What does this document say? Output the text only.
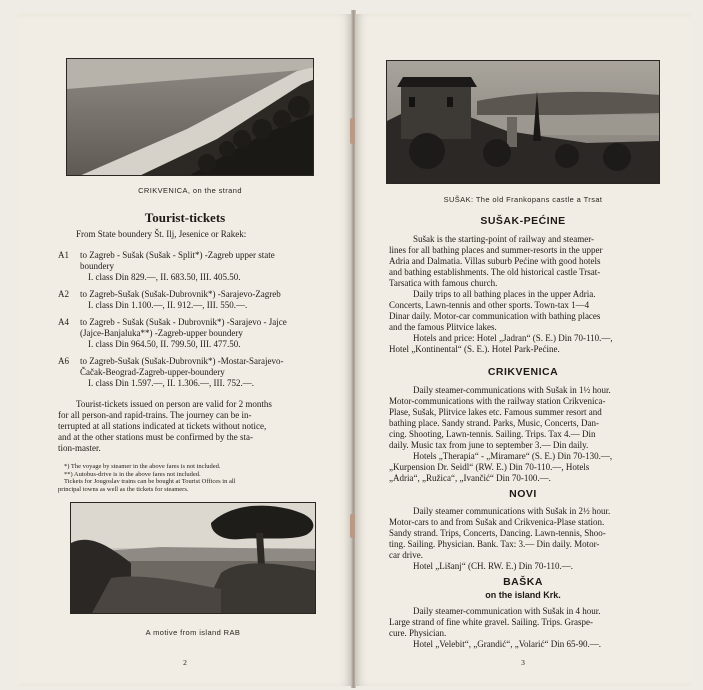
CRIKVENICA, on the strand
Tourist-tickets
From State boundery Št. Ilj, Jesenice or Rakek:
A1 to Zagreb - Sušak (Sušak - Split*) -Zagreb upper state
boundery
I. class Din 829.—, II. 683.50, III. 405.50.
A2 to Zagreb-Sušak (Sušak-Dubrovnik*) -Sarajevo-Zagreb
I. class Din 1.100.—, II. 912.—, III. 550.—.
A4 to Zagreb - Sušak (Sušak - Dubrovnik*) -Sarajevo - Jajce
(Jajce-Banjaluka**) -Zagreb-upper boundery
I. class Din 964.50, II. 799.50, III. 477.50.
A6 to Zagreb-Sušak (Sušak-Dubrovnik*) -Mostar-Sarajevo-
Čačak-Beograd-Zagreb-upper-boundery
I. class Din 1.597.—, II. 1.306.—, III. 752.—.
Tourist-tickets issued on person are valid for 2 months
for all person-and rapid-trains. The journey can be in-
terrupted at all stations indicated at tickets without notice,
and at the other stations must be confirmed by the sta-
tion-master.
*) The voyage by steamer in the above fares is not included.
**) Autobus-drive is in the above fares not included.
Tickets for Jougoslav trains can be bought at Tourist Offices in all
principal towns as well as the tickets for steamers.
A motive from island RAB
2
SUŠAK: The old Frankopans castle a Trsat
SUŠAK-PEĆINE
Sušak is the starting-point of railway and steamer-
lines for all bathing places and summer-resorts in the upper
Adria and Dalmatia. Villas suburb Pećine with good hotels
and bathing establishments. The old historical castle Trsat-
Tarsatica with famous church.
Daily trips to all bathing places in the upper Adria.
Concerts, Lawn-tennis and other sports. Town-tax 1—4
Dinar daily. Motor-car communication with bathing places
and the famous Plitvice lakes.
Hotels and price: Hotel „Jadran“ (S. E.) Din 70-110.—,
Hotel „Kontinental“ (S. E.). Hotel Park-Pećine.
CRIKVENICA
Daily steamer-communications with Sušak in 1½ hour.
Motor-communications with the railway station Crikvenica-
Plase, Sušak, Plitvice lakes etc. Famous summer resort and
bathing place. Sandy strand. Parks, Music, Concerts, Dan-
cing. Shooting, Lawn-tennis. Sailing. Trips. Tax 4.— Din
daily. Music tax from june to september 3.— Din daily.
Hotels „Therapia“ - „Miramare“ (S. E.) Din 70-130.—,
„Kurpension Dr. Seidl“ (RW. E.) Din 70-110.—, Hotels
„Adria“, „Ružica“, „Ivančić“ Din 70-100.—.
NOVI
Daily steamer communications with Sušak in 2½ hour.
Motor-cars to and from Sušak and Crikvenica-Plase station.
Sandy strand. Trips, Concerts, Dancing. Lawn-tennis, Shoo-
ting. Sailing. Physician. Bank. Tax: 3.— Din daily. Motor-
car drive.
Hotel „Lišanj“ (CH. RW. E.) Din 70-110.—.
BAŠKA
on the island Krk.
Daily steamer-communication with Sušak in 4 hour.
Large strand of fine white gravel. Sailing. Trips. Graspe-
cure. Physician.
Hotel „Velebit“, „Grandić“, „Volarić“ Din 65-90.—.
3
